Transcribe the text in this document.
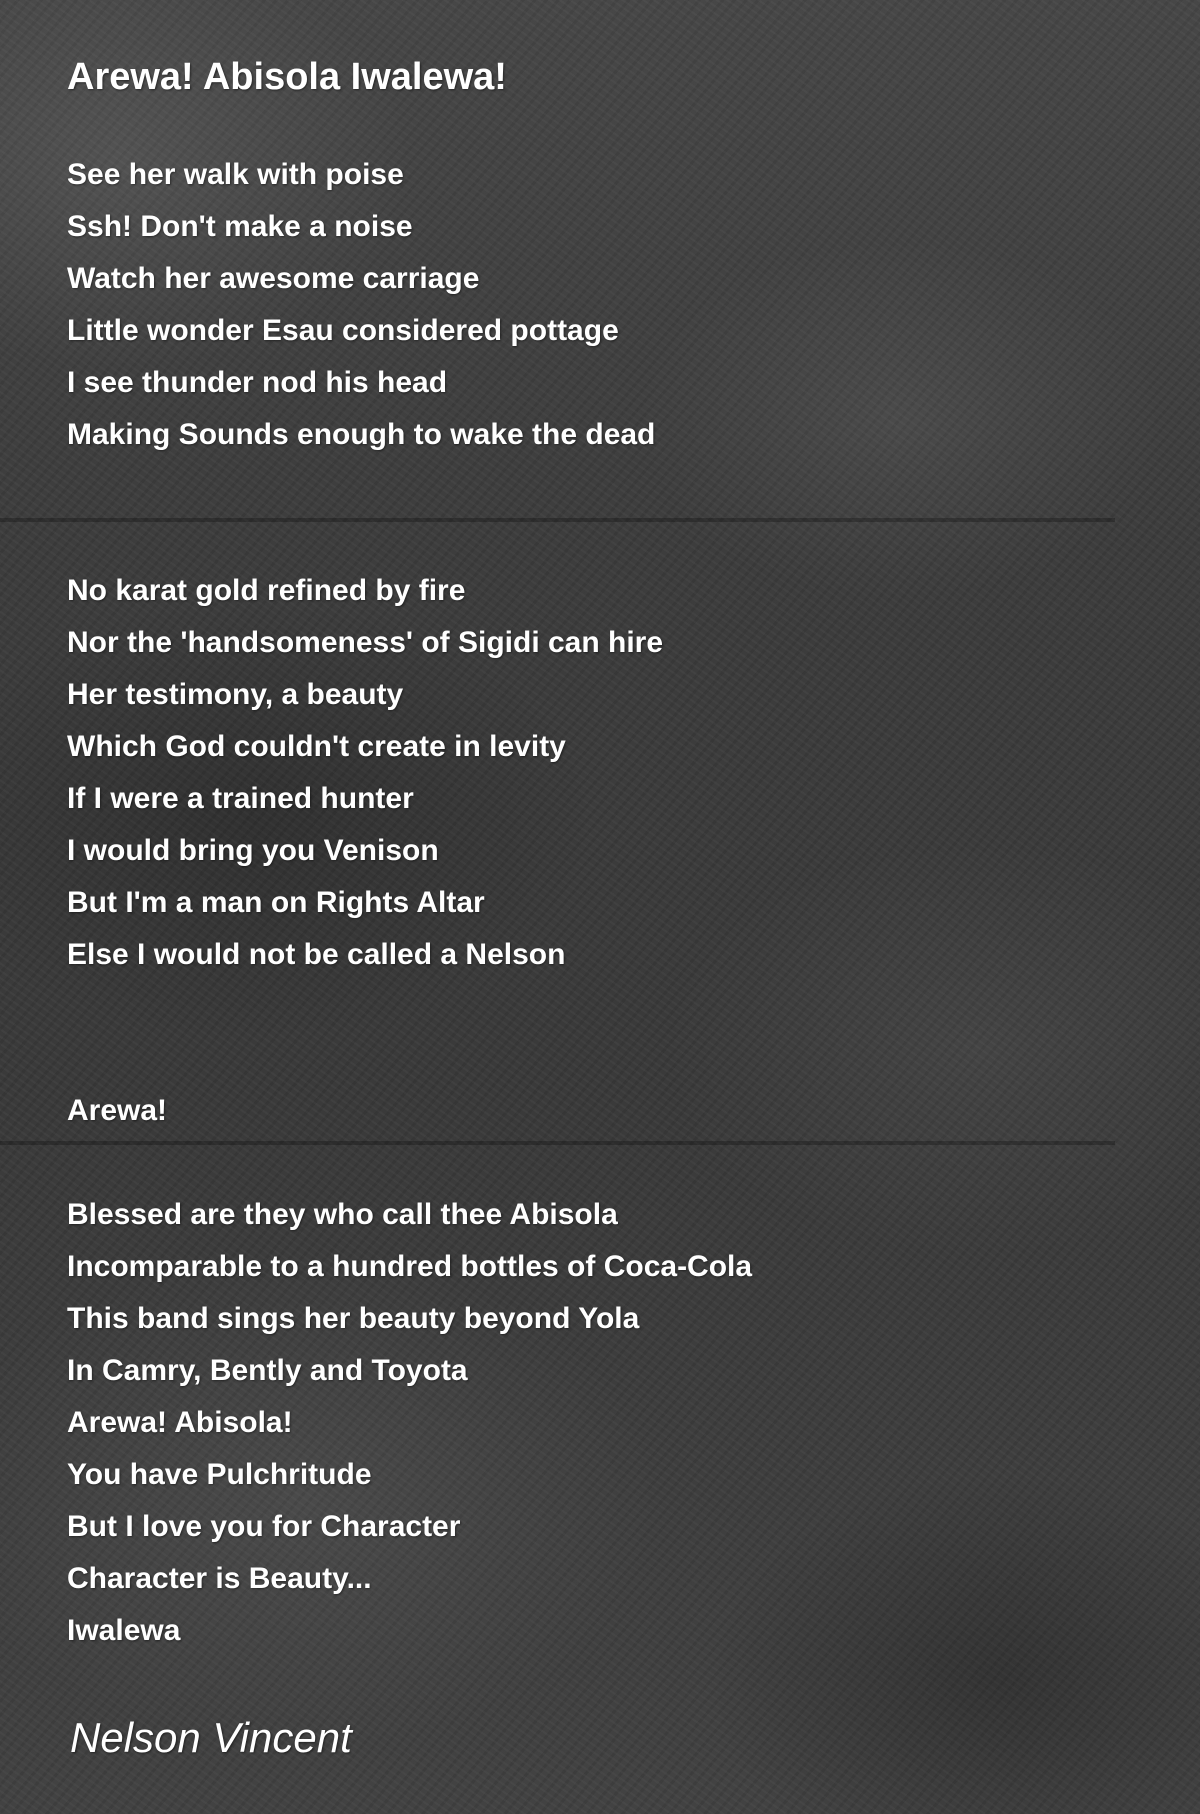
Arewa! Abisola Iwalewa!
See her walk with poise
Ssh! Don't make a noise
Watch her awesome carriage
Little wonder Esau considered pottage
I see thunder nod his head
Making Sounds enough to wake the dead
No karat gold refined by fire
Nor the 'handsomeness' of Sigidi can hire
Her testimony, a beauty
Which God couldn't create in levity
If I were a trained hunter
I would bring you Venison
But I'm a man on Rights Altar
Else I would not be called a Nelson
Arewa!
Blessed are they who call thee Abisola
Incomparable to a hundred bottles of Coca-Cola
This band sings her beauty beyond Yola
In Camry, Bently and Toyota
Arewa! Abisola!
You have Pulchritude
But I love you for Character
Character is Beauty...
Iwalewa

Nelson Vincent
